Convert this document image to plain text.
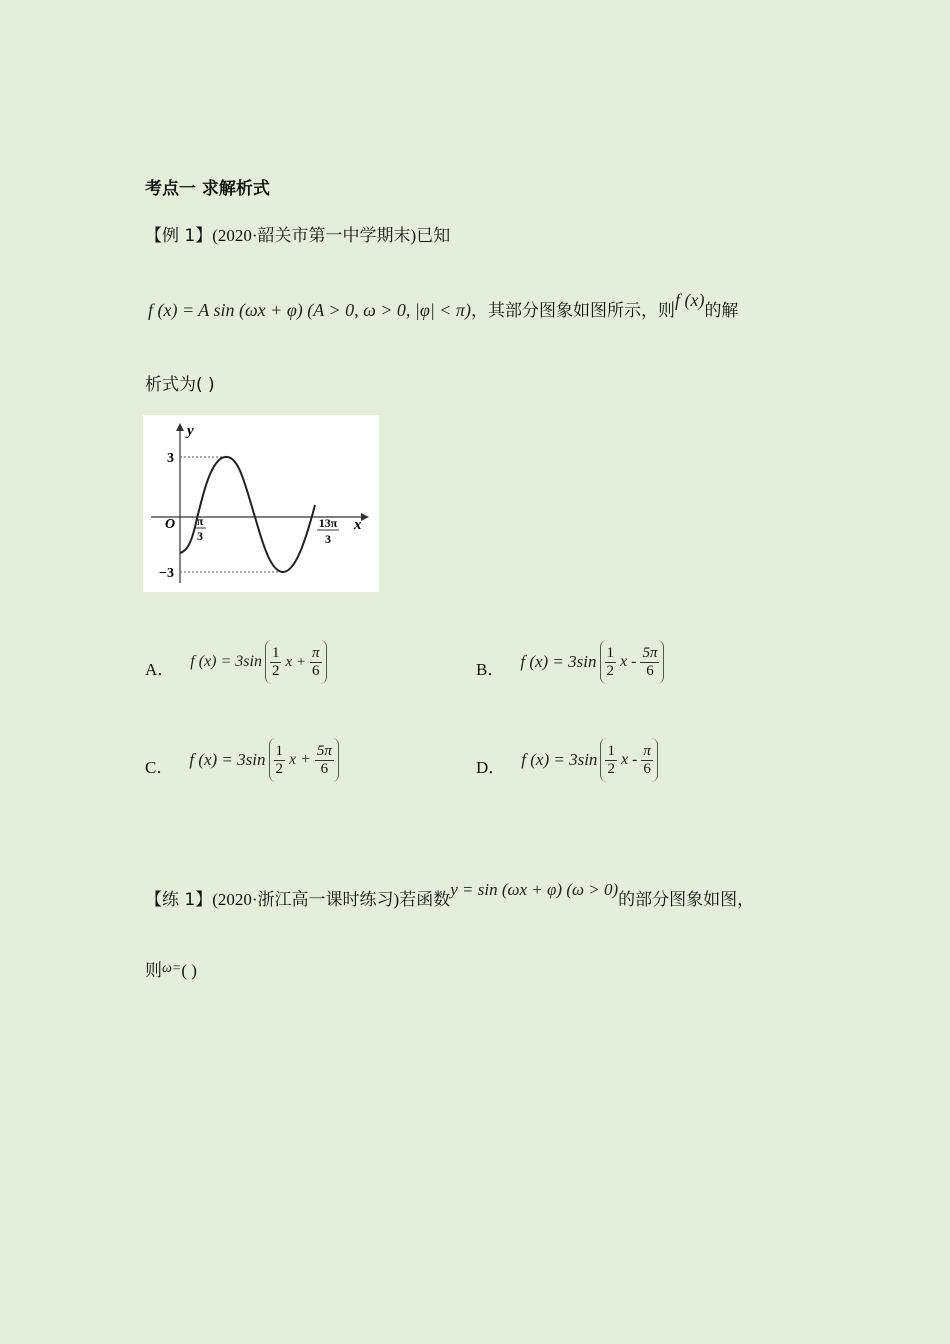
考点一 求解析式
【例 1】(2020·韶关市第一中学期末)已知
f (x) = A sin (ωx + φ) (A > 0, ω > 0, |φ| < π)，其部分图象如图所示，则f (x)的解
析式为( )
y
x
O
3
−3
π
3
13π
3
A． f $(x) = 3\sin \frac{1}{2}$ $x + \frac{\pi}{6}$	B． f $(x) = 3\sin \frac{1}{2}$ x - $\frac{5\pi}{6}$
C． f $(x) = 3\sin \frac{1}{2}$ $x + \frac{5\pi}{6}$	D． f $(x) = 3\sin \frac{1}{2}$ x - $\frac{\pi}{6}$
【练 1】(2020·浙江高一课时练习)若函数y = sin (ωx + φ) (ω > 0)的部分图象如图，
则$^{\omega=}$( )
